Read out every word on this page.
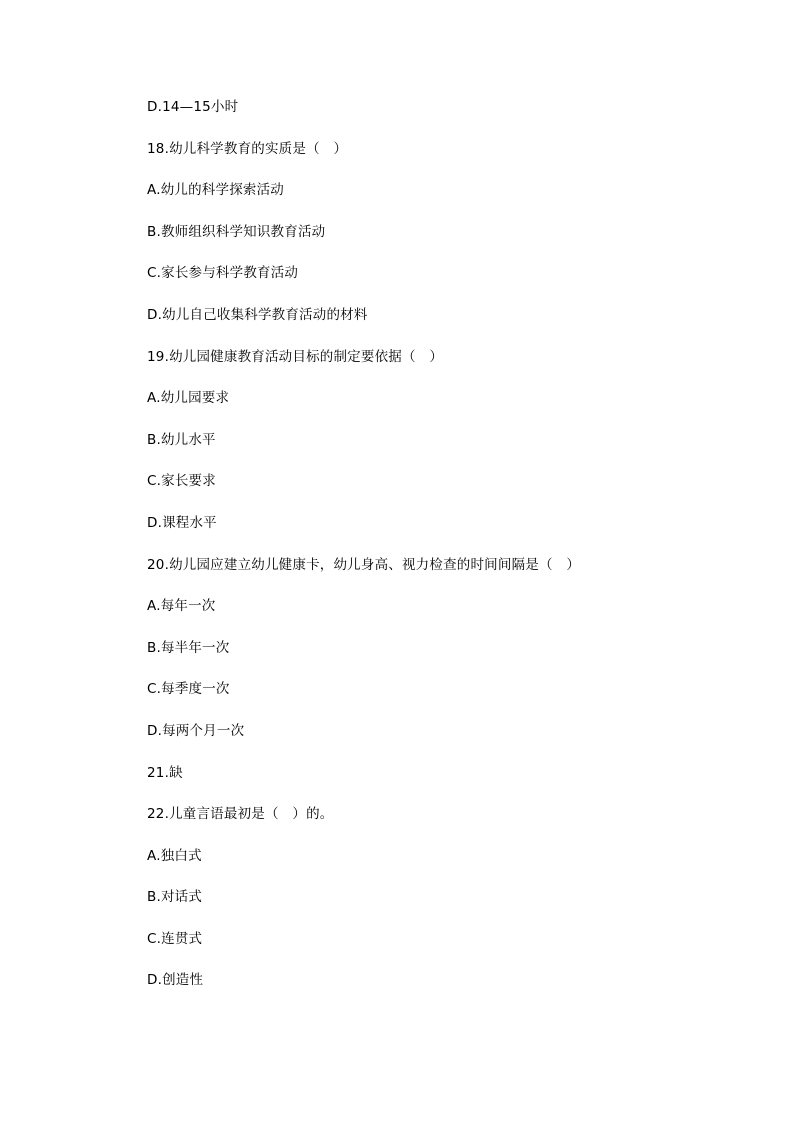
D.14—15小时
18.幼儿科学教育的实质是（　）
A.幼儿的科学探索活动
B.教师组织科学知识教育活动
C.家长参与科学教育活动
D.幼儿自己收集科学教育活动的材料
19.幼儿园健康教育活动目标的制定要依据（　）
A.幼儿园要求
B.幼儿水平
C.家长要求
D.课程水平
20.幼儿园应建立幼儿健康卡，幼儿身高、视力检查的时间间隔是（　）
A.每年一次
B.每半年一次
C.每季度一次
D.每两个月一次
21.缺
22.儿童言语最初是（　）的。
A.独白式
B.对话式
C.连贯式
D.创造性
